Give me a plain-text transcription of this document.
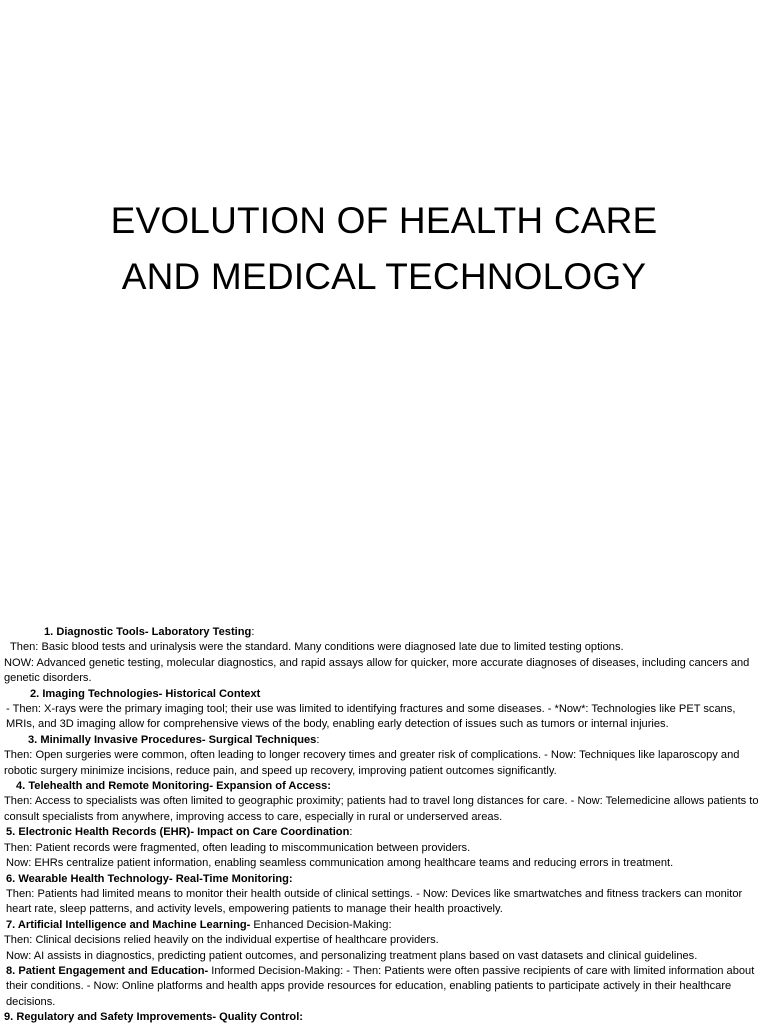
EVOLUTION OF HEALTH CARE
AND MEDICAL TECHNOLOGY

1. Diagnostic Tools- Laboratory Testing:

Then: Basic blood tests and urinalysis were the standard. Many conditions were diagnosed late due to limited testing options.

NOW: Advanced genetic testing, molecular diagnostics, and rapid assays allow for quicker, more accurate diagnoses of diseases, including cancers and genetic disorders.

2. Imaging Technologies- Historical Context

- Then: X-rays were the primary imaging tool; their use was limited to identifying fractures and some diseases. - *Now*: Technologies like PET scans, MRIs, and 3D imaging allow for comprehensive views of the body, enabling early detection of issues such as tumors or internal injuries.

3. Minimally Invasive Procedures- Surgical Techniques:

Then: Open surgeries were common, often leading to longer recovery times and greater risk of complications. - Now: Techniques like laparoscopy and robotic surgery minimize incisions, reduce pain, and speed up recovery, improving patient outcomes significantly.

4. Telehealth and Remote Monitoring- Expansion of Access:

Then: Access to specialists was often limited to geographic proximity; patients had to travel long distances for care. - Now: Telemedicine allows patients to consult specialists from anywhere, improving access to care, especially in rural or underserved areas.

5. Electronic Health Records (EHR)- Impact on Care Coordination:

Then: Patient records were fragmented, often leading to miscommunication between providers.

Now: EHRs centralize patient information, enabling seamless communication among healthcare teams and reducing errors in treatment.

6. Wearable Health Technology- Real-Time Monitoring:

Then: Patients had limited means to monitor their health outside of clinical settings. - Now: Devices like smartwatches and fitness trackers can monitor heart rate, sleep patterns, and activity levels, empowering patients to manage their health proactively.

7. Artificial Intelligence and Machine Learning- Enhanced Decision-Making:

Then: Clinical decisions relied heavily on the individual expertise of healthcare providers.

Now: AI assists in diagnostics, predicting patient outcomes, and personalizing treatment plans based on vast datasets and clinical guidelines.

8. Patient Engagement and Education- Informed Decision-Making: - Then: Patients were often passive recipients of care with limited information about their conditions. - Now: Online platforms and health apps provide resources for education, enabling patients to participate actively in their healthcare decisions.

9. Regulatory and Safety Improvements- Quality Control:
